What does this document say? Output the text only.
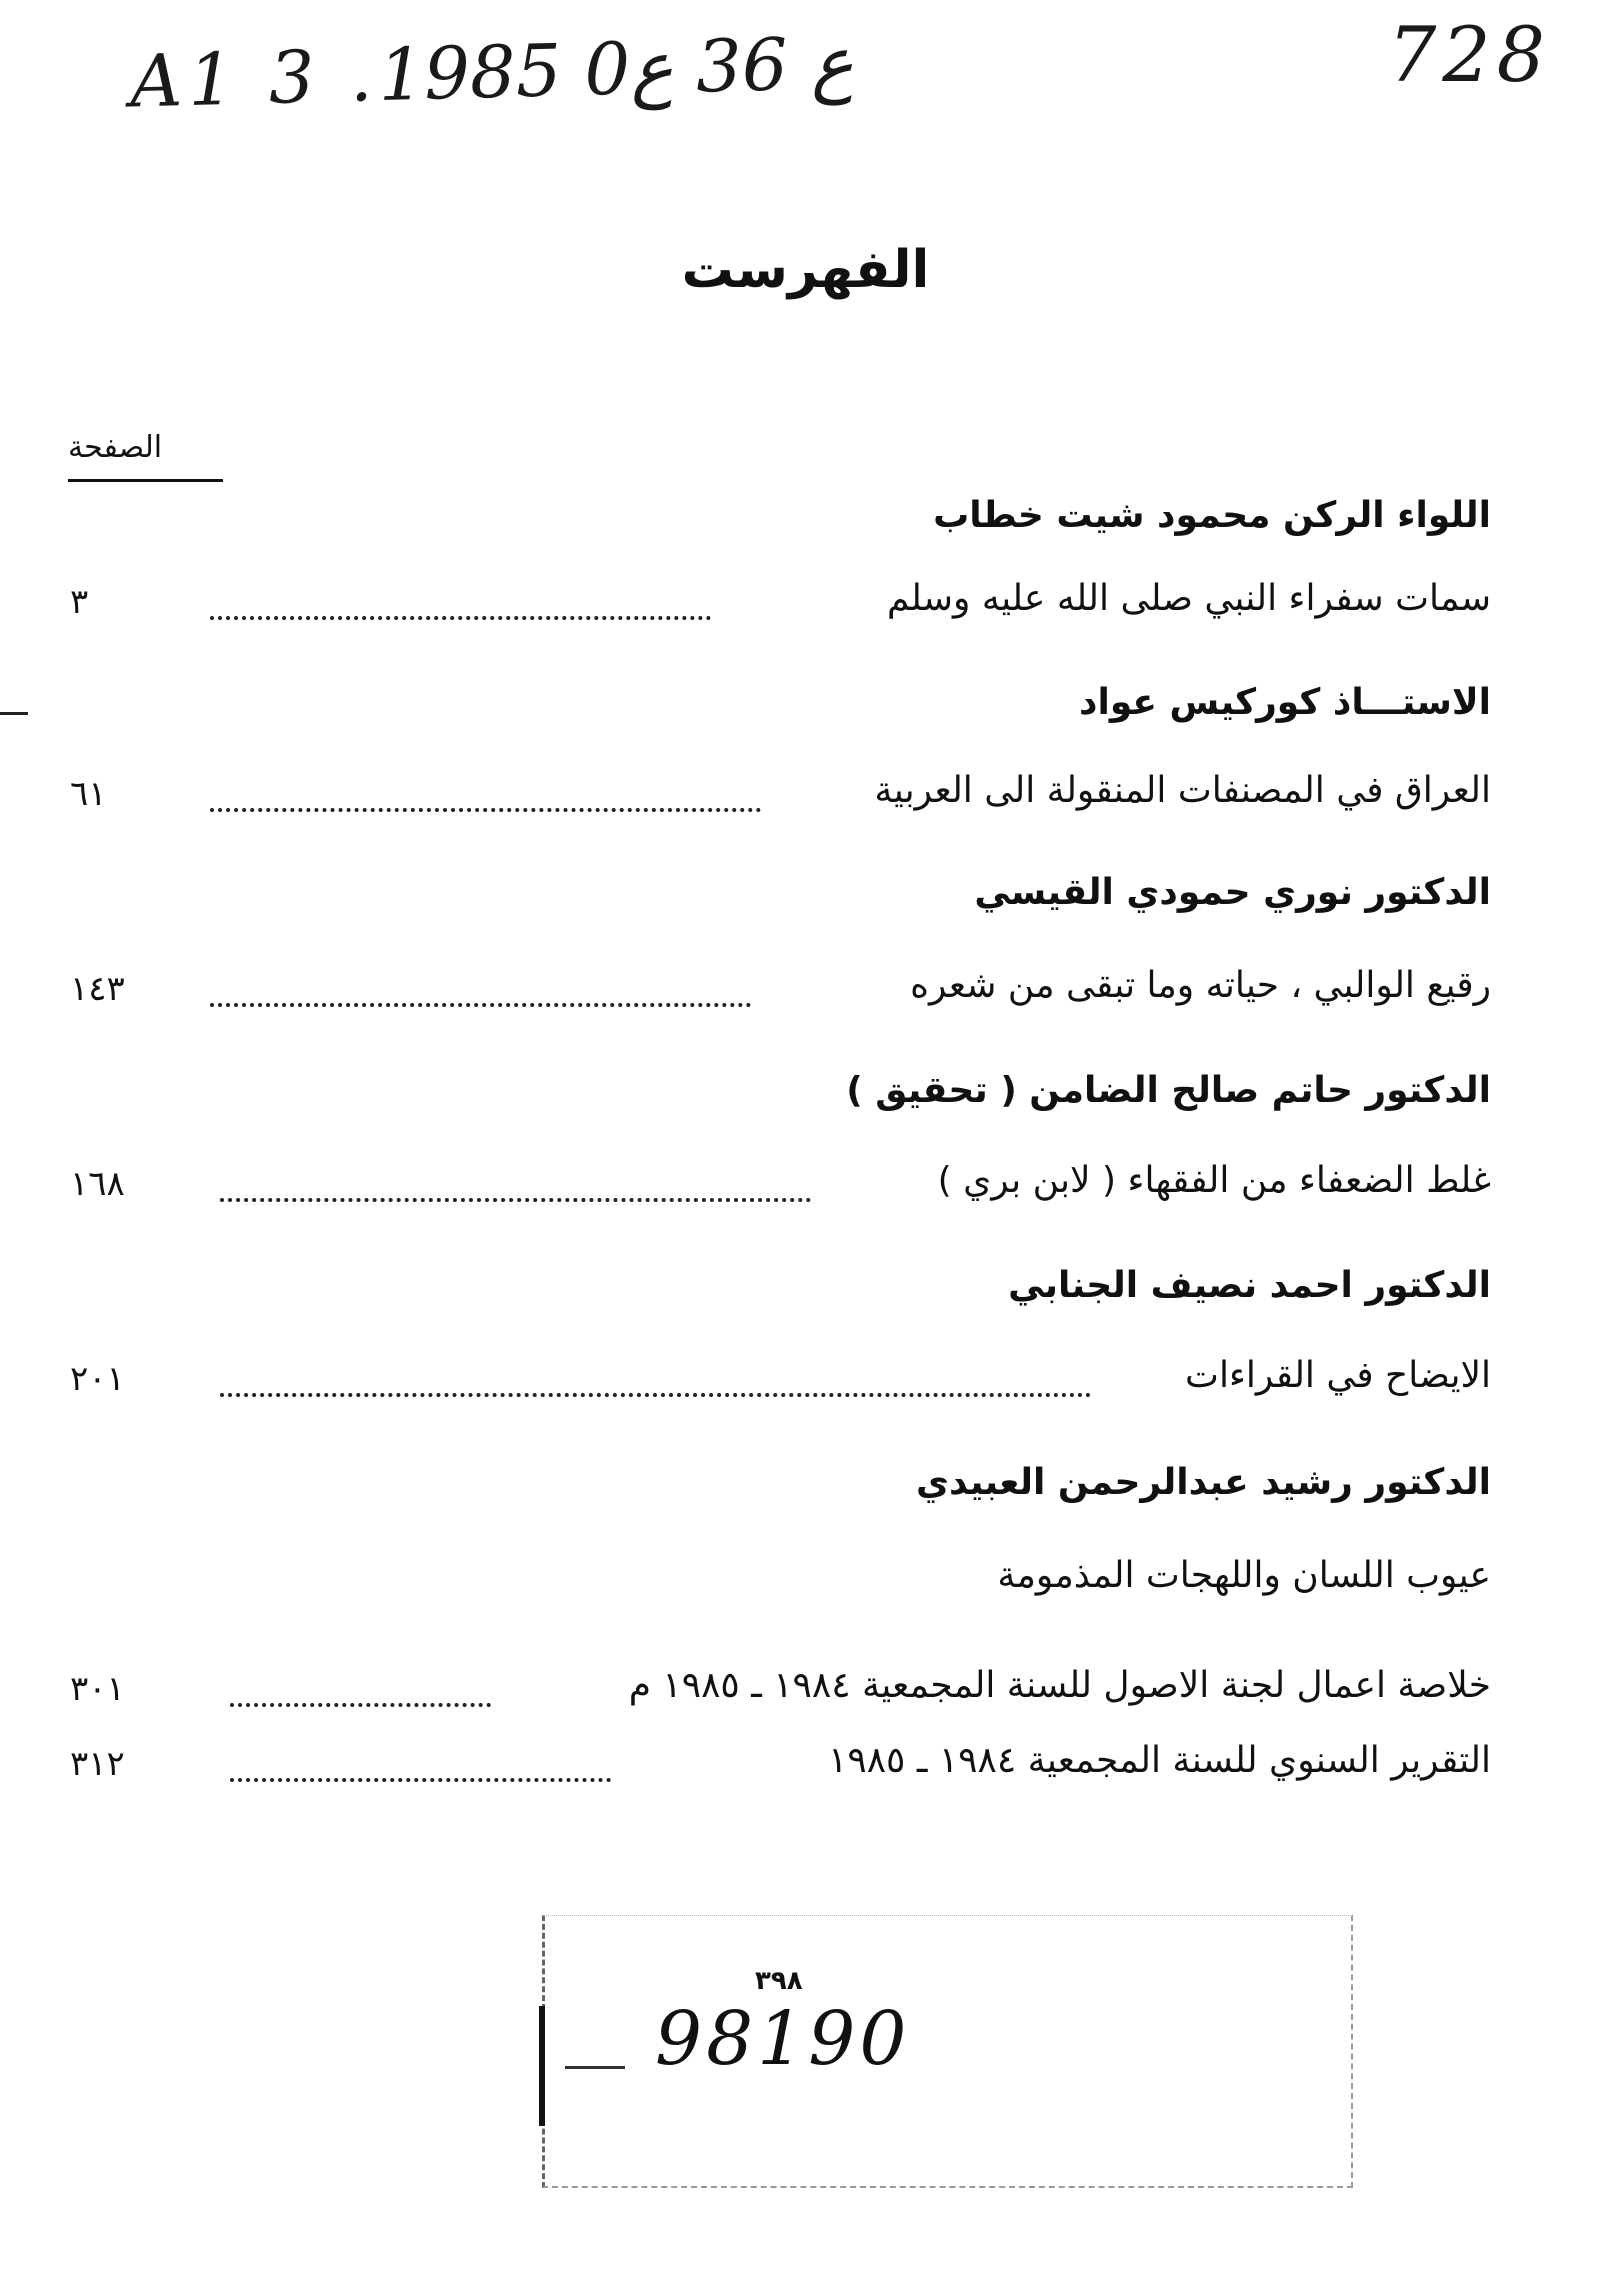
A1 3 .ع 36 ع0 1985	728
الفهرست
الصفحة
اللواء الركن محمود شيت خطاب
سمات سفراء النبي صلى الله عليه وسلم
٣
الاستـــاذ كوركيس عواد
العراق في المصنفات المنقولة الى العربية
٦١
الدكتور نوري حمودي القيسي
رقيع الوالبي ، حياته وما تبقى من شعره
١٤٣
الدكتور حاتم صالح الضامن ( تحقيق )
غلط الضعفاء من الفقهاء ( لابن بري )
١٦٨
الدكتور احمد نصيف الجنابي
الايضاح في القراءات
٢٠١
الدكتور رشيد عبدالرحمن العبيدي
عيوب اللسان واللهجات المذمومة
خلاصة اعمال لجنة الاصول للسنة المجمعية ١٩٨٤ ـ ١٩٨٥ م
٣٠١
التقرير السنوي للسنة المجمعية ١٩٨٤ ـ ١٩٨٥
٣١٢
٣٩٨
98190
